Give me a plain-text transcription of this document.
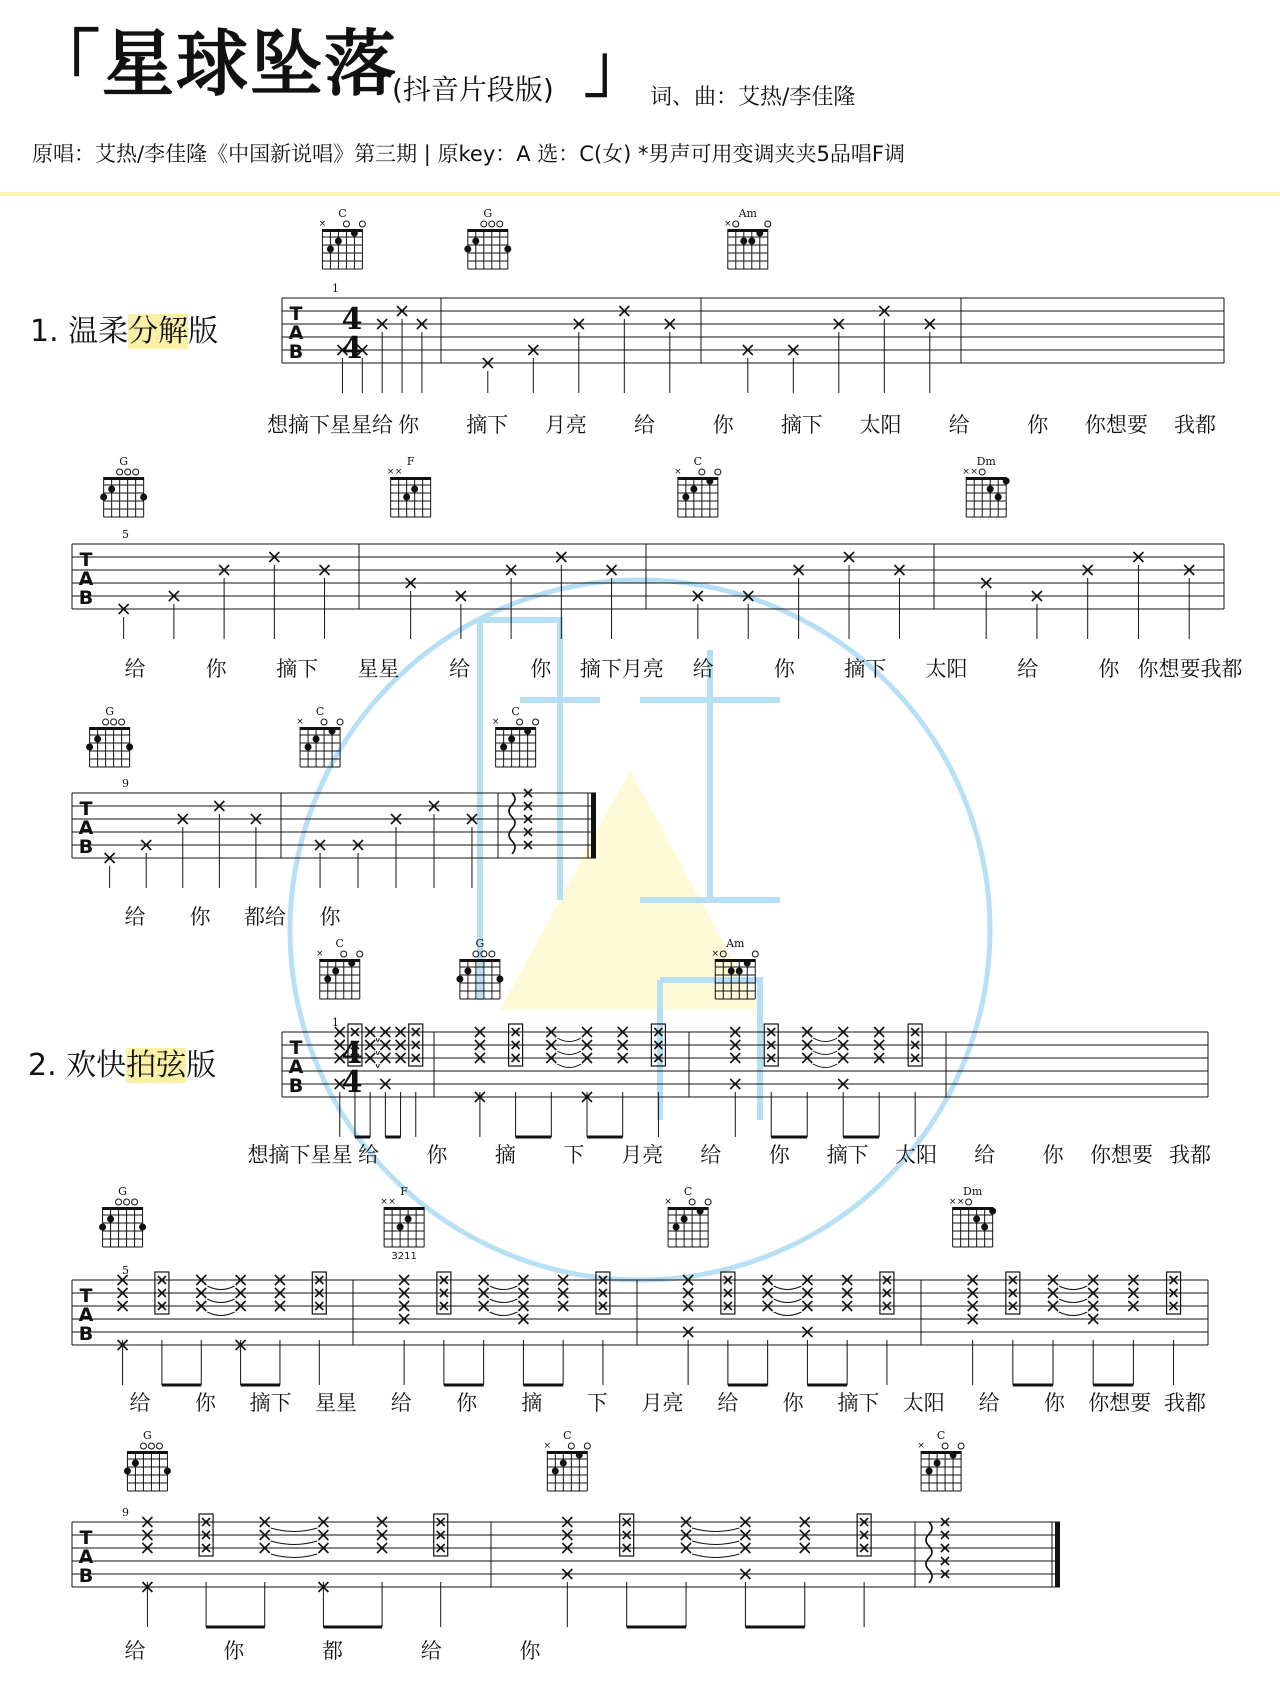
「星球坠落
(抖音片段版) 」 词、曲：艾热/李佳隆
原唱：艾热/李佳隆《中国新说唱》第三期 | 原key：A 选：C(女) *男声可用变调夹夹5品唱F调
1. 温柔分解版
2. 欢快拍弦版
T
A
B
1
4
4
C
×
G	Am
×
想摘下星星给 你 摘下 月亮 给	你 摘下 太阳 给	你 你想要 我都
T
A
B
5
G	F
× ×
C
×
Dm
× ×
给	你 摘下 星星 给	你 摘下月亮 给	你 摘下 太阳 给	你 你想要我都
T
A
B
9
G	C
×
C
×
给 你 都给 你
T
A
B
1
4
4
C
×
G	Am
×
想摘下星星 给 你 摘 下 月亮 给 你 摘下 太阳 给 你 你想要 我都
T
A
B
5
G	F
× ×
3211
C
×
Dm
× ×
给 你 摘下 星星 给 你 摘 下 月亮 给 你 摘下 太阳 给 你 你想要 我都
T
A
B
9
G	C
×
C
×
给	你	都	给	你
